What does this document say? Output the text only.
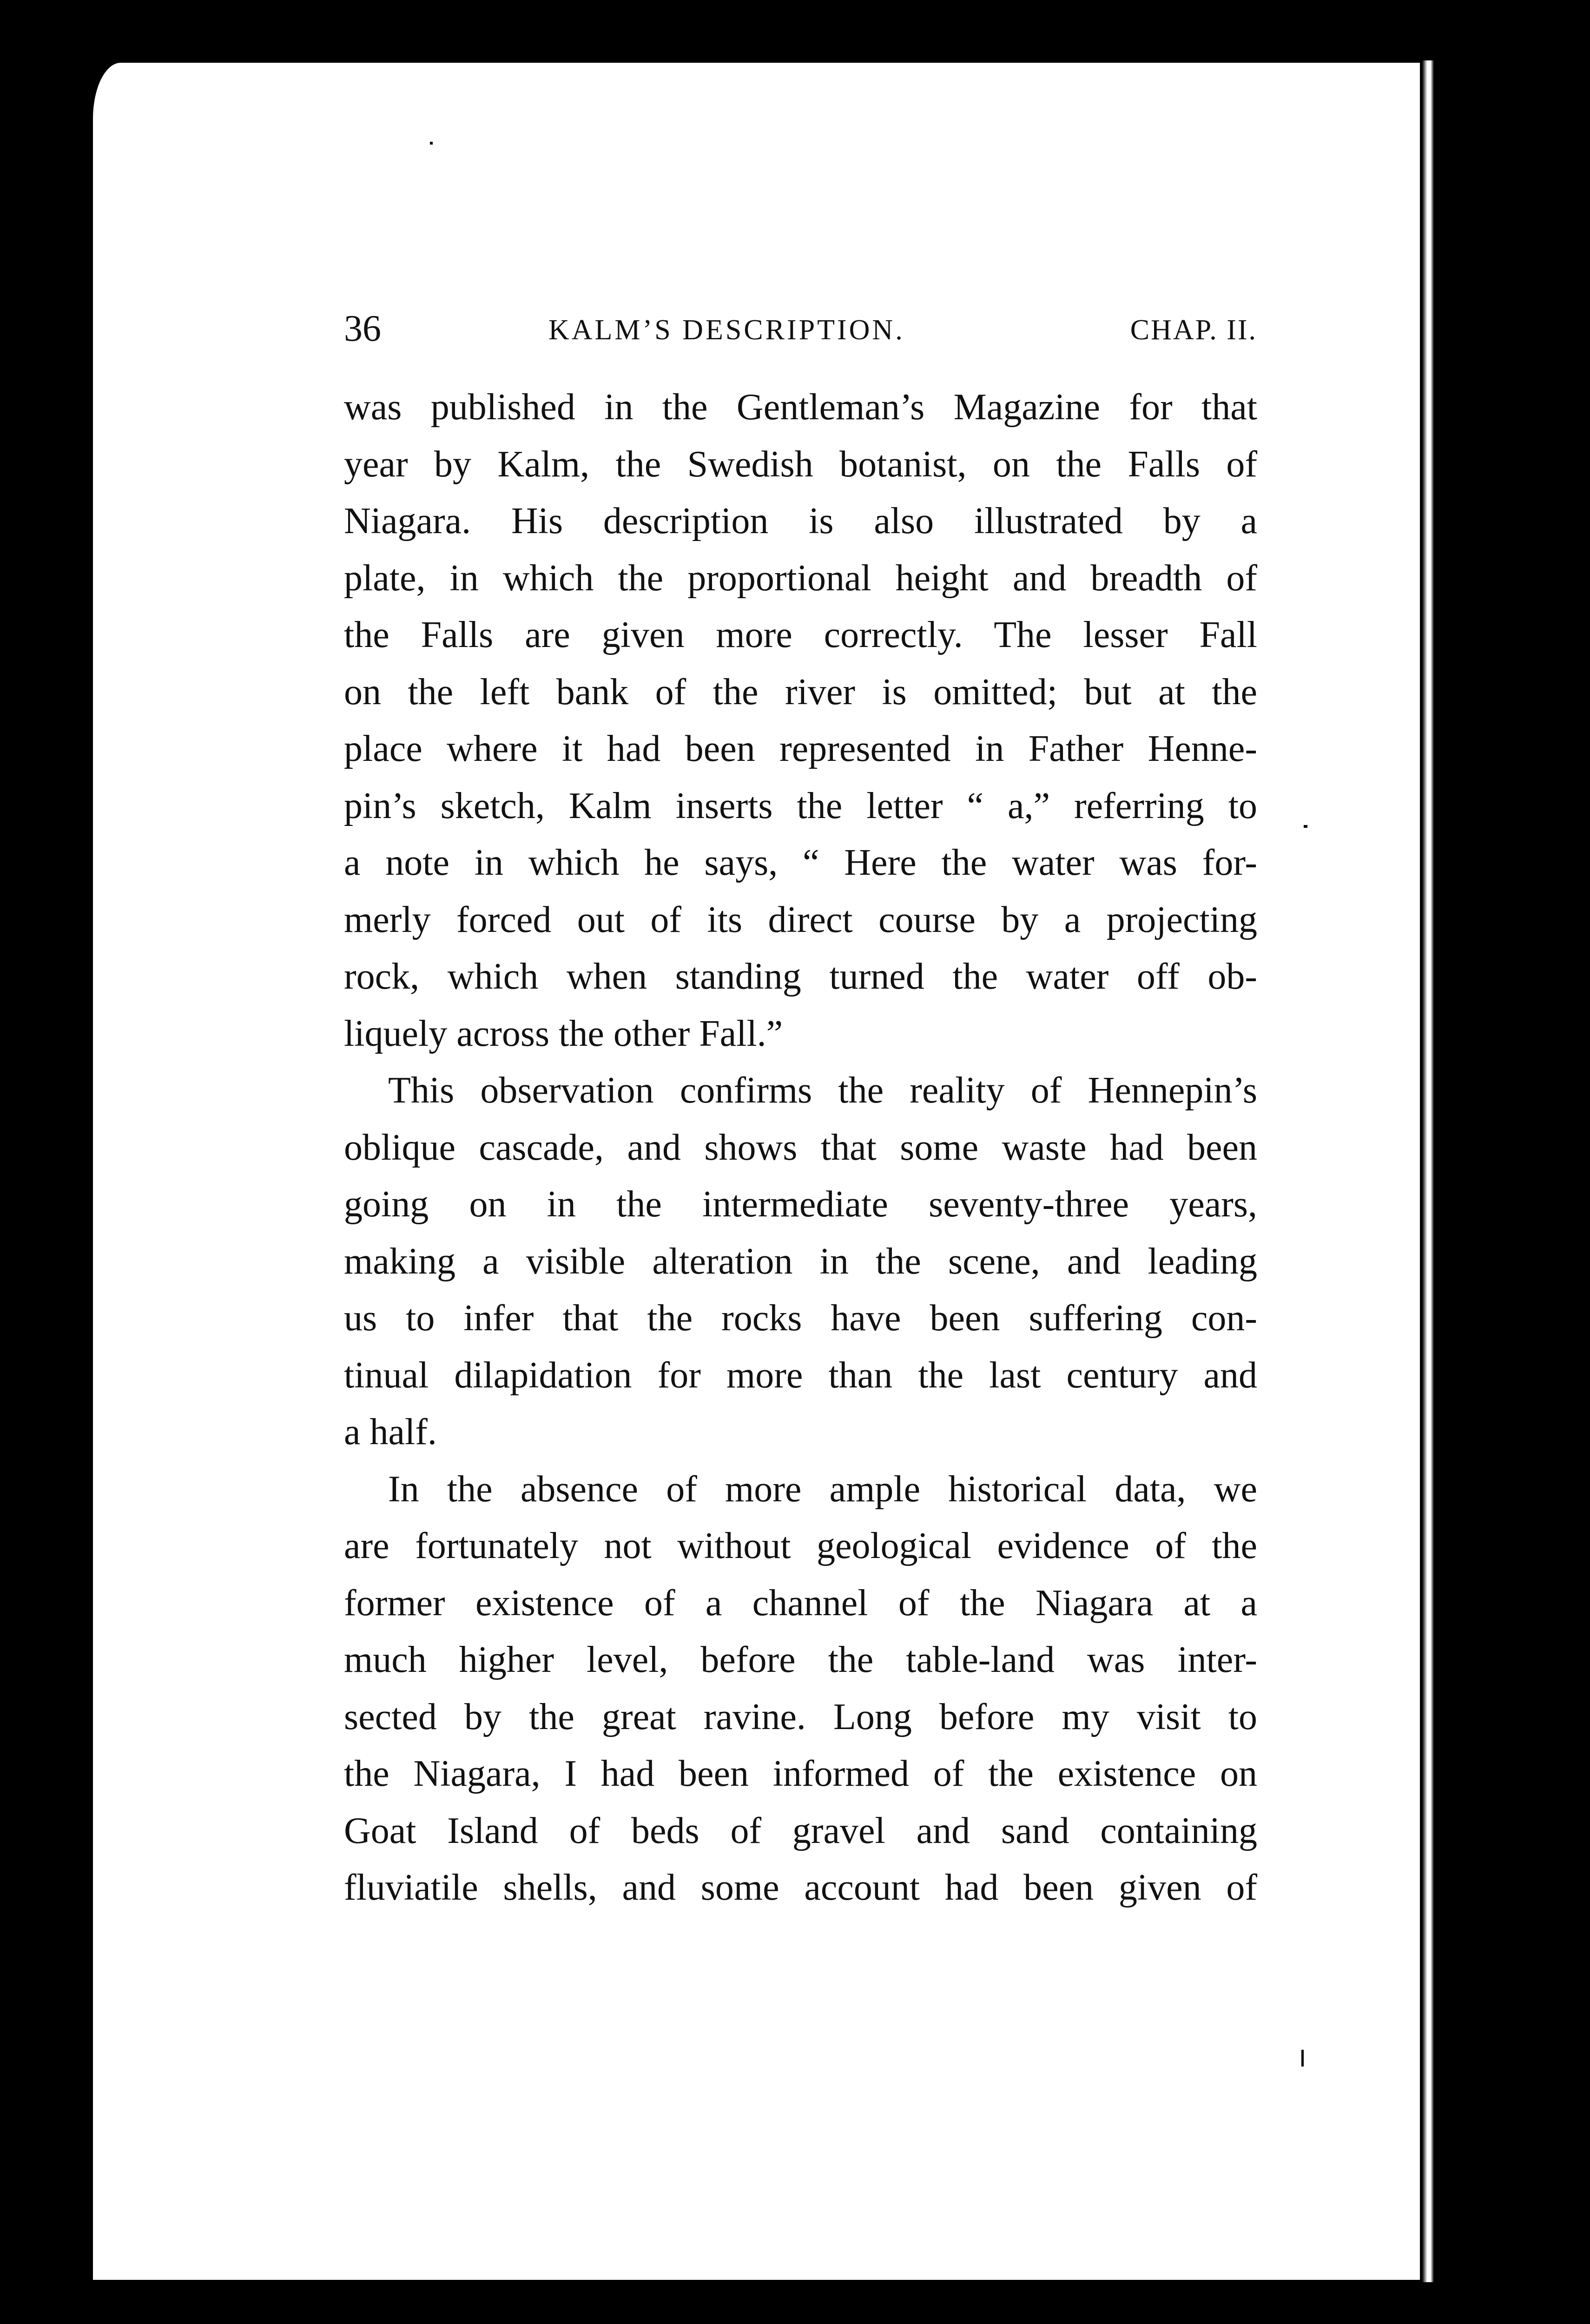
36	KALM’S DESCRIPTION.	CHAP. II.
was published in the Gentleman’s Magazine for that
year by Kalm, the Swedish botanist, on the Falls of
Niagara. His description is also illustrated by a
plate, in which the proportional height and breadth of
the Falls are given more correctly. The lesser Fall
on the left bank of the river is omitted; but at the
place where it had been represented in Father Henne-
pin’s sketch, Kalm inserts the letter “ a,” referring to
a note in which he says, “ Here the water was for-
merly forced out of its direct course by a projecting
rock, which when standing turned the water off ob-
liquely across the other Fall.”
This observation confirms the reality of Hennepin’s
oblique cascade, and shows that some waste had been
going on in the intermediate seventy-three years,
making a visible alteration in the scene, and leading
us to infer that the rocks have been suffering con-
tinual dilapidation for more than the last century and
a half.
In the absence of more ample historical data, we
are fortunately not without geological evidence of the
former existence of a channel of the Niagara at a
much higher level, before the table-land was inter-
sected by the great ravine. Long before my visit to
the Niagara, I had been informed of the existence on
Goat Island of beds of gravel and sand containing
fluviatile shells, and some account had been given of
